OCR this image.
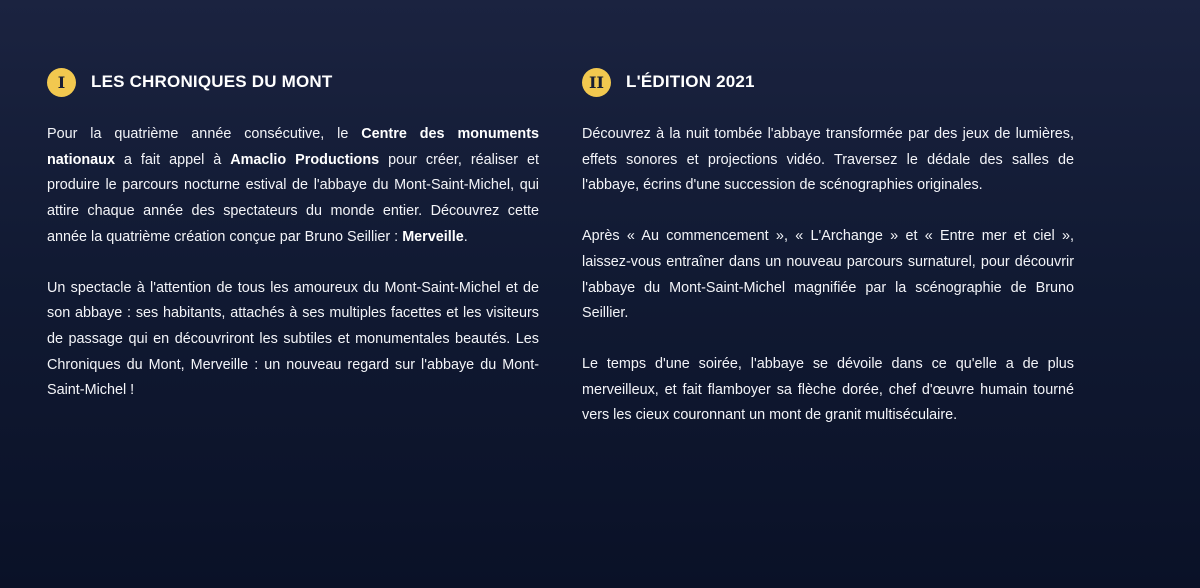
I	LES CHRONIQUES DU MONT

Pour la quatrième année consécutive, le Centre des monuments nationaux a fait appel à Amaclio Productions pour créer, réaliser et produire le parcours nocturne estival de l'abbaye du Mont-Saint-Michel, qui attire chaque année des spectateurs du monde entier. Découvrez cette année la quatrième création conçue par Bruno Seillier : Merveille.

Un spectacle à l'attention de tous les amoureux du Mont-Saint-Michel et de son abbaye : ses habitants, attachés à ses multiples facettes et les visiteurs de passage qui en découvriront les subtiles et monumentales beautés. Les Chroniques du Mont, Merveille : un nouveau regard sur l'abbaye du Mont-Saint-Michel !

II	L'ÉDITION 2021

Découvrez à la nuit tombée l'abbaye transformée par des jeux de lumières, effets sonores et projections vidéo. Traversez le dédale des salles de l'abbaye, écrins d'une succession de scénographies originales.

Après « Au commencement », « L'Archange » et « Entre mer et ciel », laissez-vous entraîner dans un nouveau parcours surnaturel, pour découvrir l'abbaye du Mont-Saint-Michel magnifiée par la scénographie de Bruno Seillier.

Le temps d'une soirée, l'abbaye se dévoile dans ce qu'elle a de plus merveilleux, et fait flamboyer sa flèche dorée, chef d'œuvre humain tourné vers les cieux couronnant un mont de granit multiséculaire.
